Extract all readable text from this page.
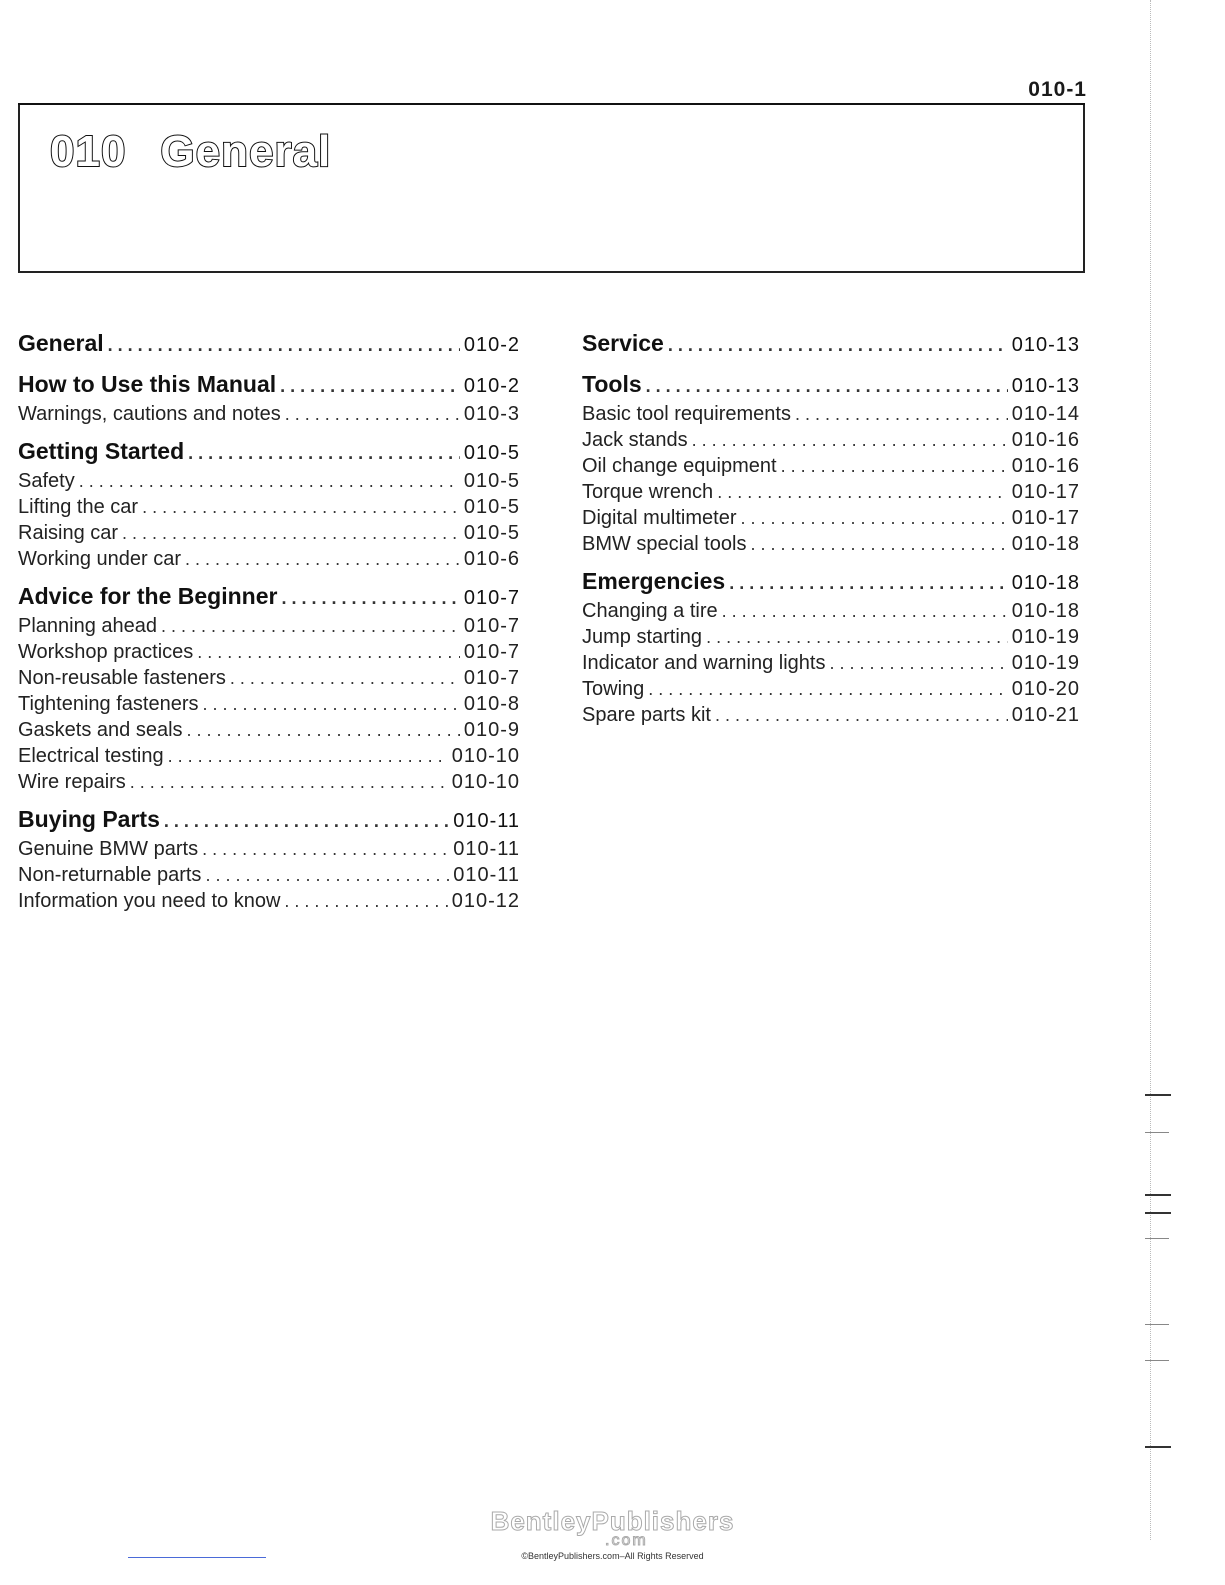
010-1
010 General
General . . .	010-2
How to Use this Manual . . .	010-2
Warnings, cautions and notes . . .	010-3
Getting Started . . .	010-5
Safety . . .	010-5
Lifting the car . . .	010-5
Raising car . . .	010-5
Working under car . . .	010-6
Advice for the Beginner . . .	010-7
Planning ahead . . .	010-7
Workshop practices . . .	010-7
Non-reusable fasteners . . .	010-7
Tightening fasteners . . .	010-8
Gaskets and seals . . .	010-9
Electrical testing . . .	010-10
Wire repairs . . .	010-10
Buying Parts . . .	010-11
Genuine BMW parts . . .	010-11
Non-returnable parts . . .	010-11
Information you need to know . . .	010-12
Service . . .	010-13
Tools . . .	010-13
Basic tool requirements . . .	010-14
Jack stands . . .	010-16
Oil change equipment . . .	010-16
Torque wrench . . .	010-17
Digital multimeter . . .	010-17
BMW special tools . . .	010-18
Emergencies . . .	010-18
Changing a tire . . .	010-18
Jump starting . . .	010-19
Indicator and warning lights . . .	010-19
Towing . . .	010-20
Spare parts kit . . .	010-21
BentleyPublishers
.com
©BentleyPublishers.com–All Rights Reserved
